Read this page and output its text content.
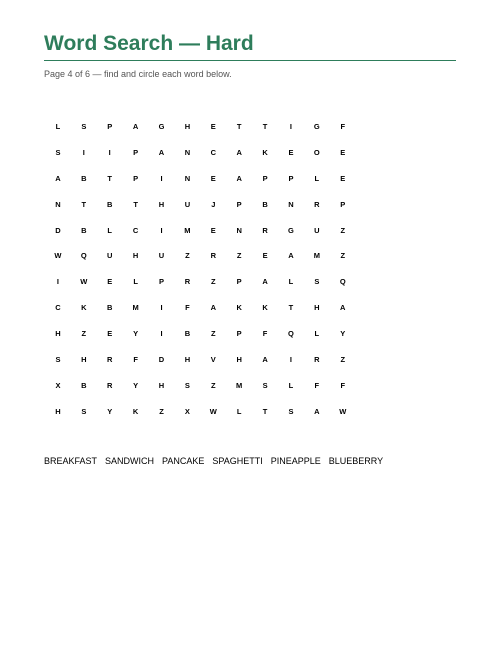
Word Search — Hard
Page 4 of 6 — find and circle each word below.
L	S	P	A	G	H	E	T	T	I	G	F
S	I	I	P	A	N	C	A	K	E	O	E
A	B	T	P	I	N	E	A	P	P	L	E
N	T	B	T	H	U	J	P	B	N	R	P
D	B	L	C	I	M	E	N	R	G	U	Z
W	Q	U	H	U	Z	R	Z	E	A	M	Z
I	W	E	L	P	R	Z	P	A	L	S	Q
C	K	B	M	I	F	A	K	K	T	H	A
H	Z	E	Y	I	B	Z	P	F	Q	L	Y
S	H	R	F	D	H	V	H	A	I	R	Z
X	B	R	Y	H	S	Z	M	S	L	F	F
H	S	Y	K	Z	X	W	L	T	S	A	W
BREAKFAST SANDWICH PANCAKE SPAGHETTI PINEAPPLE BLUEBERRY
